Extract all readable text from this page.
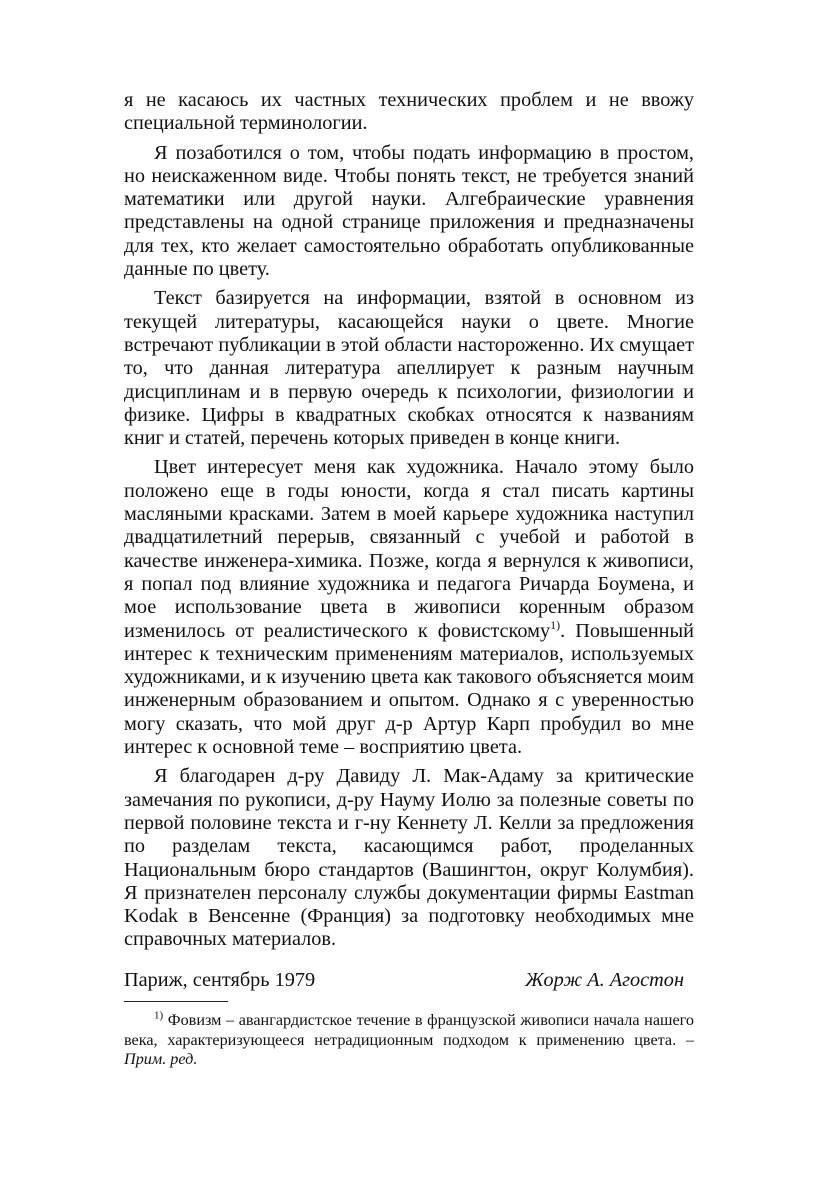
я не касаюсь их частных технических проблем и не ввожу специальной терминологии.

Я позаботился о том, чтобы подать информацию в простом, но неискаженном виде. Чтобы понять текст, не требуется знаний математики или другой науки. Алгебраические уравнения представлены на одной странице приложения и предназначены для тех, кто желает самостоятельно обработать опубликованные данные по цвету.

Текст базируется на информации, взятой в основном из текущей литературы, касающейся науки о цвете. Многие встречают публикации в этой области настороженно. Их смущает то, что данная литература апеллирует к разным научным дисциплинам и в первую очередь к психологии, физиологии и физике. Цифры в квадратных скобках относятся к названиям книг и статей, перечень которых приведен в конце книги.

Цвет интересует меня как художника. Начало этому было положено еще в годы юности, когда я стал писать картины масляными красками. Затем в моей карьере художника наступил двадцатилетний перерыв, связанный с учебой и работой в качестве инженера-химика. Позже, когда я вернулся к живописи, я попал под влияние художника и педагога Ричарда Боумена, и мое использование цвета в живописи коренным образом изменилось от реалистического к фовистскому$^{1)}$. Повышенный интерес к техническим применениям материалов, используемых художниками, и к изучению цвета как такового объясняется моим инженерным образованием и опытом. Однако я с уверенностью могу сказать, что мой друг д-р Артур Карп пробудил во мне интерес к основной теме – восприятию цвета.

Я благодарен д-ру Давиду Л. Мак-Адаму за критические замечания по рукописи, д-ру Науму Иолю за полезные советы по первой половине текста и г-ну Кеннету Л. Келли за предложения по разделам текста, касающимся работ, проделанных Национальным бюро стандартов (Вашингтон, округ Колумбия). Я признателен персоналу службы документации фирмы Eastman Kodak в Венсенне (Франция) за подготовку необходимых мне справочных материалов.

Париж, сентябрь 1979	Жорж А. Агостон

$^{1)}$ Фовизм – авангардистское течение в французской живописи начала нашего века, характеризующееся нетрадиционным подходом к применению цвета. – Прим. ред.
